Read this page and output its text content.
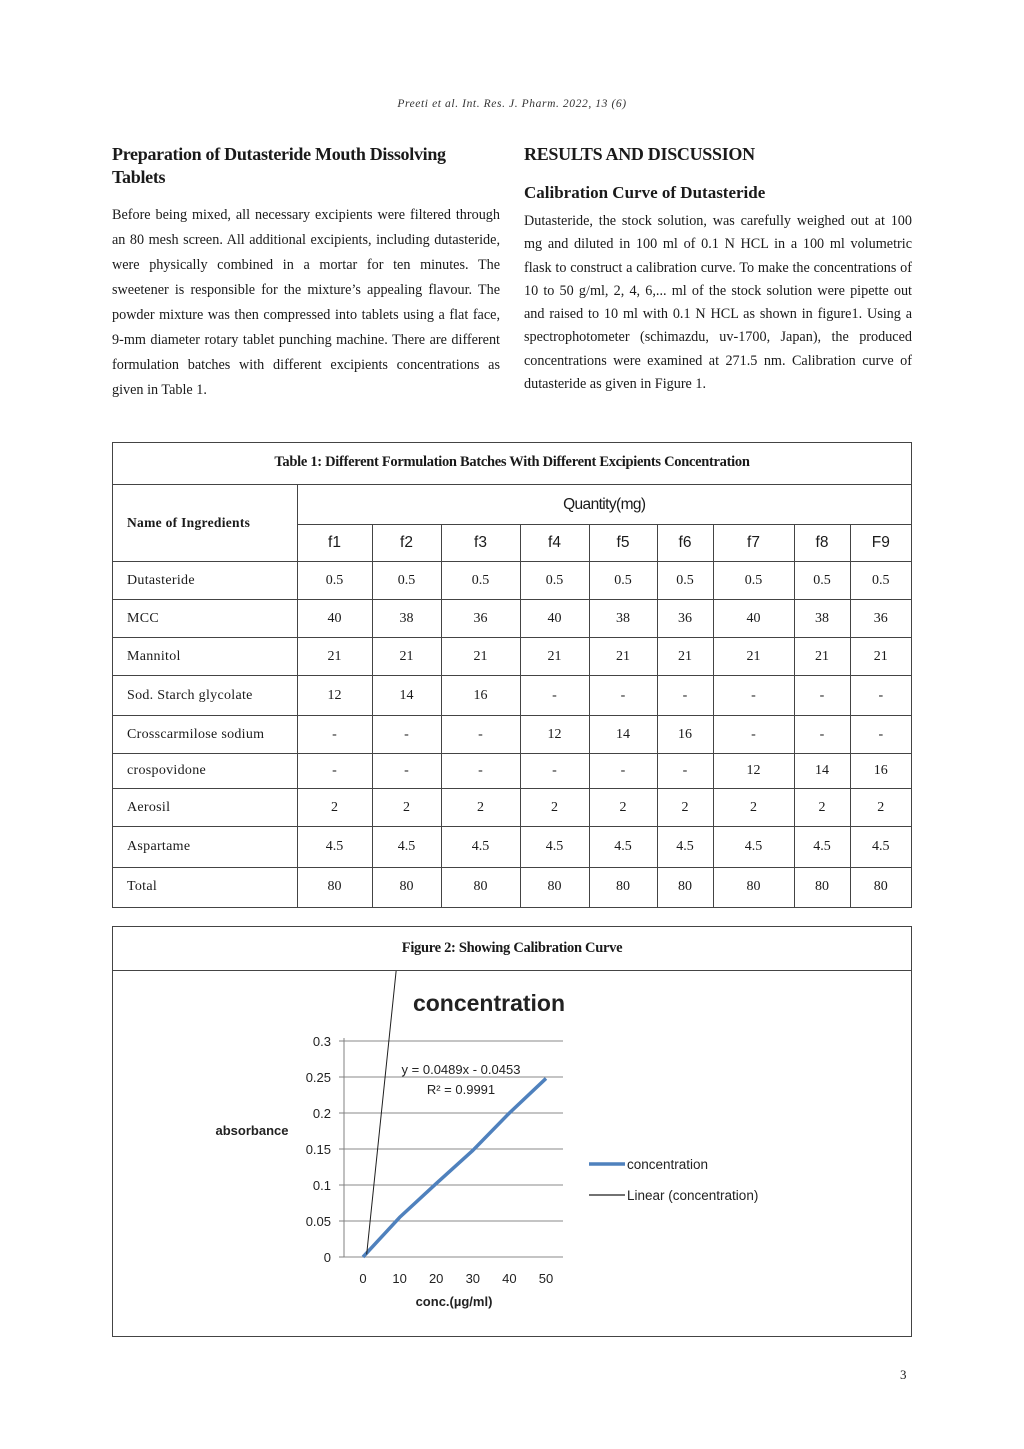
Preeti et al. Int. Res. J. Pharm. 2022, 13 (6)
Preparation of Dutasteride Mouth Dissolving Tablets

Before being mixed, all necessary excipients were filtered through an 80 mesh screen. All additional excipients, including dutasteride, were physically combined in a mortar for ten minutes. The sweetener is responsible for the mixture’s appealing flavour. The powder mixture was then compressed into tablets using a flat face, 9-mm diameter rotary tablet punching machine. There are different formulation batches with different excipients concentrations as given in Table 1.

RESULTS AND DISCUSSION
Calibration Curve of Dutasteride

Dutasteride, the stock solution, was carefully weighed out at 100 mg and diluted in 100 ml of 0.1 N HCL in a 100 ml volumetric flask to construct a calibration curve. To make the concentrations of 10 to 50 g/ml, 2, 4, 6,... ml of the stock solution were pipette out and raised to 10 ml with 0.1 N HCL as shown in figure1. Using a spectrophotometer (schimazdu, uv-1700, Japan), the produced concentrations were examined at 271.5 nm. Calibration curve of dutasteride as given in Figure 1.

Table 1: Different Formulation Batches With Different Excipients Concentration
Name of Ingredients	Quantity(mg)								
	f1	f2	f3	f4	f5	f6	f7	f8	F9
Dutasteride	0.5	0.5	0.5	0.5	0.5	0.5	0.5	0.5	0.5
MCC	40	38	36	40	38	36	40	38	36
Mannitol	21	21	21	21	21	21	21	21	21
Sod. Starch glycolate	12	14	16	-	-	-	-	-	-
Crosscarmilose sodium	-	-	-	12	14	16	-	-	-
crospovidone	-	-	-	-	-	-	12	14	16
Aerosil	2	2	2	2	2	2	2	2	2
Aspartame	4.5	4.5	4.5	4.5	4.5	4.5	4.5	4.5	4.5
Total	80	80	80	80	80	80	80	80	80
Figure 2: Showing Calibration Curve
concentration
0
0.05
0.1
0.15
0.2
0.25
0.3
0 10 20 30 40 50
absorbance
conc.(µg/ml)
y = 0.0489x - 0.0453
R² = 0.9991
concentration
Linear (concentration)
3
